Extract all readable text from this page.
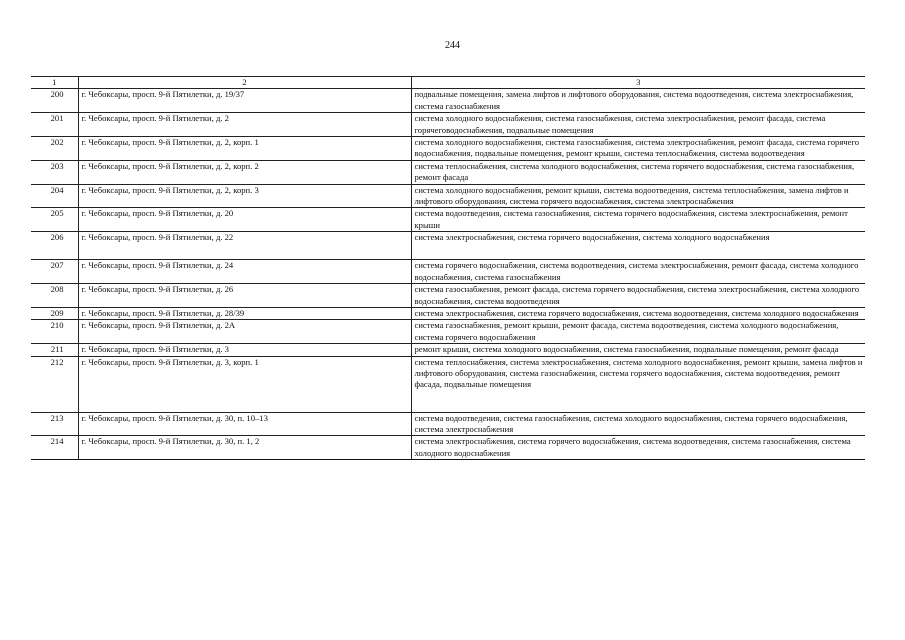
244
1	2	3
200	г. Чебоксары, просп. 9-й Пятилетки, д. 19/37	подвальные помещения, замена лифтов и лифтового оборудования, система водоотведения, система электроснабжения, система газоснабжения
201	г. Чебоксары, просп. 9-й Пятилетки, д. 2	система холодного водоснабжения, система газоснабжения, система электроснабжения, ремонт фасада, система горячеговодоснабжения, подвальные помещения
202	г. Чебоксары, просп. 9-й Пятилетки, д. 2, корп. 1	система холодного водоснабжения, система газоснабжения, система электроснабжения, ремонт фасада, система горячего водоснабжения, подвальные помещения, ремонт крыши, система теплоснабжения, система водоотведения
203	г. Чебоксары, просп. 9-й Пятилетки, д. 2, корп. 2	система теплоснабжения, система холодного водоснабжения, система горячего водоснабжения, система газоснабжения, ремонт фасада
204	г. Чебоксары, просп. 9-й Пятилетки, д. 2, корп. 3	система холодного водоснабжения, ремонт крыши, система водоотведения, система теплоснабжения, замена лифтов и лифтового оборудования, система горячего водоснабжения, система электроснабжения
205	г. Чебоксары, просп. 9-й Пятилетки, д. 20	система водоотведения, система газоснабжения, система горячего водоснабжения, система электроснабжения, ремонт крыши
206	г. Чебоксары, просп. 9-й Пятилетки, д. 22	система электроснабжения, система горячего водоснабжения, система холодного водоснабжения
207	г. Чебоксары, просп. 9-й Пятилетки, д. 24	система горячего водоснабжения, система водоотведения, система электроснабжения, ремонт фасада, система холодного водоснабжения, система газоснабжения
208	г. Чебоксары, просп. 9-й Пятилетки, д. 26	система газоснабжения, ремонт фасада, система горячего водоснабжения, система электроснабжения, система холодного водоснабжения, система водоотведения
209	г. Чебоксары, просп. 9-й Пятилетки, д. 28/39	система электроснабжения, система горячего водоснабжения, система водоотведения, система холодного водоснабжения
210	г. Чебоксары, просп. 9-й Пятилетки, д. 2А	система газоснабжения, ремонт крыши, ремонт фасада, система водоотведения, система холодного водоснабжения, система горячего водоснабжения
211	г. Чебоксары, просп. 9-й Пятилетки, д. 3	ремонт крыши, система холодного водоснабжения, система газоснабжения, подвальные помещения, ремонт фасада
212	г. Чебоксары, просп. 9-й Пятилетки, д. 3, корп. 1	система теплоснабжения, система электроснабжения, система холодного водоснабжения, ремонт крыши, замена лифтов и лифтового оборудования, система газоснабжения, система горячего водоснабжения, система водоотведения, ремонт фасада, подвальные помещения
213	г. Чебоксары, просп. 9-й Пятилетки, д. 30, п. 10–13	система водоотведения, система газоснабжения, система холодного водоснабжения, система горячего водоснабжения, система электроснабжения
214	г. Чебоксары, просп. 9-й Пятилетки, д. 30, п. 1, 2	система электроснабжения, система горячего водоснабжения, система водоотведения, система газоснабжения, система холодного водоснабжения
